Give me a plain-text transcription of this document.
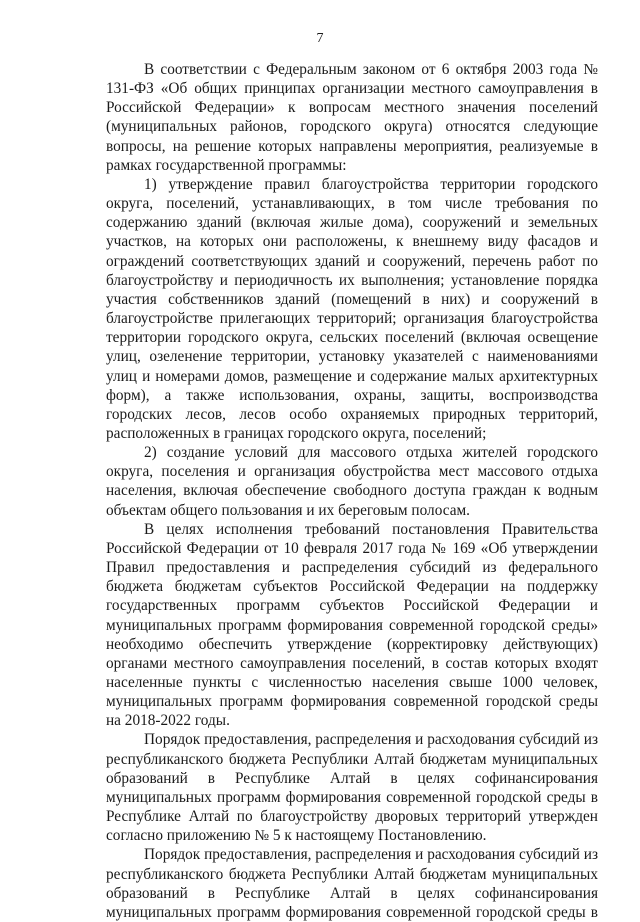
7

В соответствии с Федеральным законом от 6 октября 2003 года № 131-ФЗ «Об общих принципах организации местного самоуправления в Российской Федерации» к вопросам местного значения поселений (муниципальных районов, городского округа) относятся следующие вопросы, на решение которых направлены мероприятия, реализуемые в рамках государственной программы:

1) утверждение правил благоустройства территории городского округа, поселений, устанавливающих, в том числе требования по содержанию зданий (включая жилые дома), сооружений и земельных участков, на которых они расположены, к внешнему виду фасадов и ограждений соответствующих зданий и сооружений, перечень работ по благоустройству и периодичность их выполнения; установление порядка участия собственников зданий (помещений в них) и сооружений в благоустройстве прилегающих территорий; организация благоустройства территории городского округа, сельских поселений (включая освещение улиц, озеленение территории, установку указателей с наименованиями улиц и номерами домов, размещение и содержание малых архитектурных форм), а также использования, охраны, защиты, воспроизводства городских лесов, лесов особо охраняемых природных территорий, расположенных в границах городского округа, поселений;

2) создание условий для массового отдыха жителей городского округа, поселения и организация обустройства мест массового отдыха населения, включая обеспечение свободного доступа граждан к водным объектам общего пользования и их береговым полосам.

В целях исполнения требований постановления Правительства Российской Федерации от 10 февраля 2017 года № 169 «Об утверждении Правил предоставления и распределения субсидий из федерального бюджета бюджетам субъектов Российской Федерации на поддержку государственных программ субъектов Российской Федерации и муниципальных программ формирования современной городской среды» необходимо обеспечить утверждение (корректировку действующих) органами местного самоуправления поселений, в состав которых входят населенные пункты с численностью населения свыше 1000 человек, муниципальных программ формирования современной городской среды на 2018-2022 годы.

Порядок предоставления, распределения и расходования субсидий из республиканского бюджета Республики Алтай бюджетам муниципальных образований в Республике Алтай в целях софинансирования муниципальных программ формирования современной городской среды в Республике Алтай по благоустройству дворовых территорий утвержден согласно приложению № 5 к настоящему Постановлению.

Порядок предоставления, распределения и расходования субсидий из республиканского бюджета Республики Алтай бюджетам муниципальных образований в Республике Алтай в целях софинансирования муниципальных программ формирования современной городской среды в
